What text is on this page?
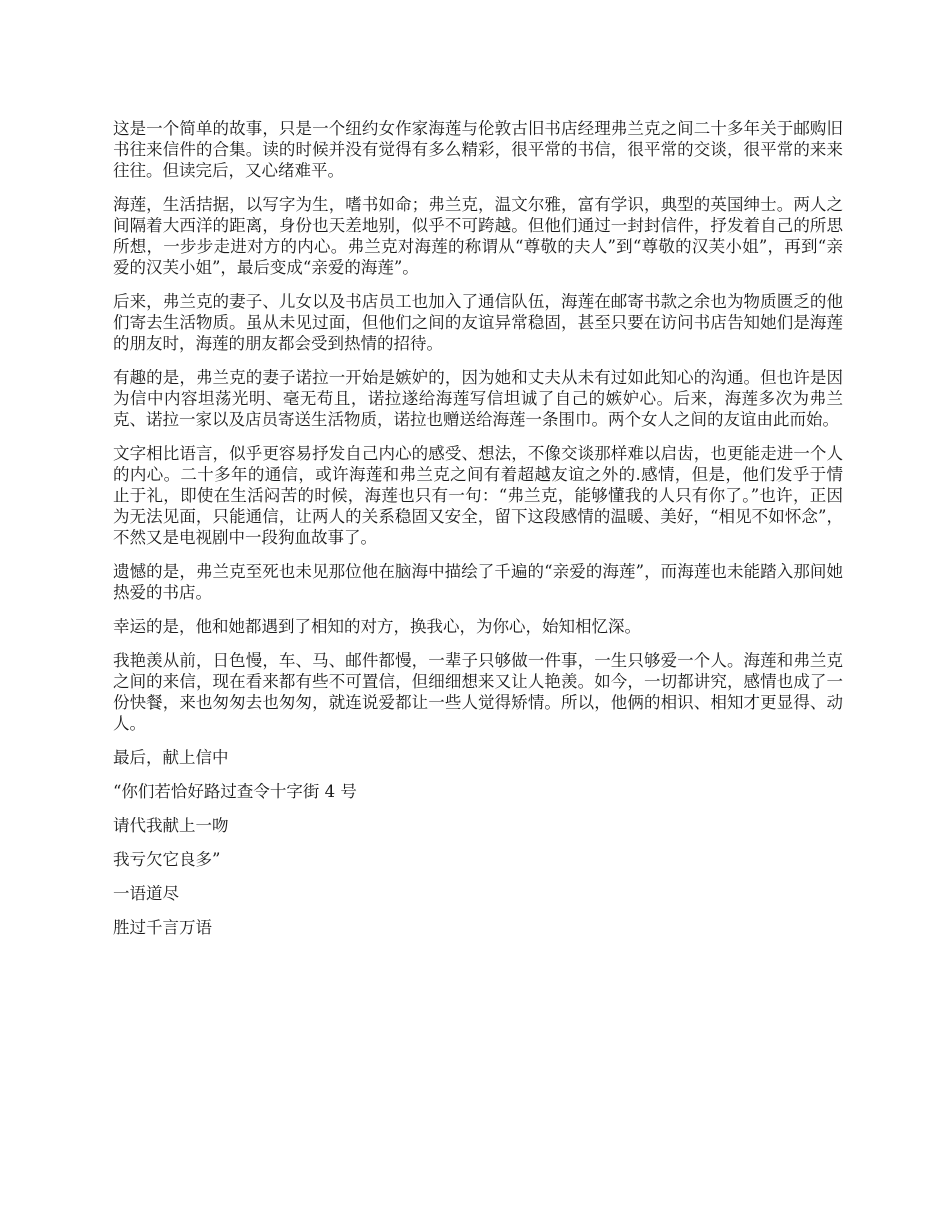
这是一个简单的故事，只是一个纽约女作家海莲与伦敦古旧书店经理弗兰克之间二十多年关于邮购旧书往来信件的合集。读的时候并没有觉得有多么精彩，很平常的书信，很平常的交谈，很平常的来来往往。但读完后，又心绪难平。

海莲，生活拮据，以写字为生，嗜书如命；弗兰克，温文尔雅，富有学识，典型的英国绅士。两人之间隔着大西洋的距离，身份也天差地别，似乎不可跨越。但他们通过一封封信件，抒发着自己的所思所想，一步步走进对方的内心。弗兰克对海莲的称谓从“尊敬的夫人”到“尊敬的汉芙小姐”，再到“亲爱的汉芙小姐”，最后变成“亲爱的海莲”。

后来，弗兰克的妻子、儿女以及书店员工也加入了通信队伍，海莲在邮寄书款之余也为物质匮乏的他们寄去生活物质。虽从未见过面，但他们之间的友谊异常稳固，甚至只要在访问书店告知她们是海莲的朋友时，海莲的朋友都会受到热情的招待。

有趣的是，弗兰克的妻子诺拉一开始是嫉妒的，因为她和丈夫从未有过如此知心的沟通。但也许是因为信中内容坦荡光明、毫无苟且，诺拉遂给海莲写信坦诚了自己的嫉妒心。后来，海莲多次为弗兰克、诺拉一家以及店员寄送生活物质，诺拉也赠送给海莲一条围巾。两个女人之间的友谊由此而始。

文字相比语言，似乎更容易抒发自己内心的感受、想法，不像交谈那样难以启齿，也更能走进一个人的内心。二十多年的通信，或许海莲和弗兰克之间有着超越友谊之外的.感情，但是，他们发乎于情止于礼，即使在生活闷苦的时候，海莲也只有一句：“弗兰克，能够懂我的人只有你了。”也许，正因为无法见面，只能通信，让两人的关系稳固又安全，留下这段感情的温暖、美好，“相见不如怀念”，不然又是电视剧中一段狗血故事了。

遗憾的是，弗兰克至死也未见那位他在脑海中描绘了千遍的“亲爱的海莲”，而海莲也未能踏入那间她热爱的书店。

幸运的是，他和她都遇到了相知的对方，换我心，为你心，始知相忆深。

我艳羡从前，日色慢，车、马、邮件都慢，一辈子只够做一件事，一生只够爱一个人。海莲和弗兰克之间的来信，现在看来都有些不可置信，但细细想来又让人艳羡。如今，一切都讲究，感情也成了一份快餐，来也匆匆去也匆匆，就连说爱都让一些人觉得矫情。所以，他俩的相识、相知才更显得、动人。

最后，献上信中

“你们若恰好路过查令十字街 4 号

请代我献上一吻

我亏欠它良多”

一语道尽

胜过千言万语
